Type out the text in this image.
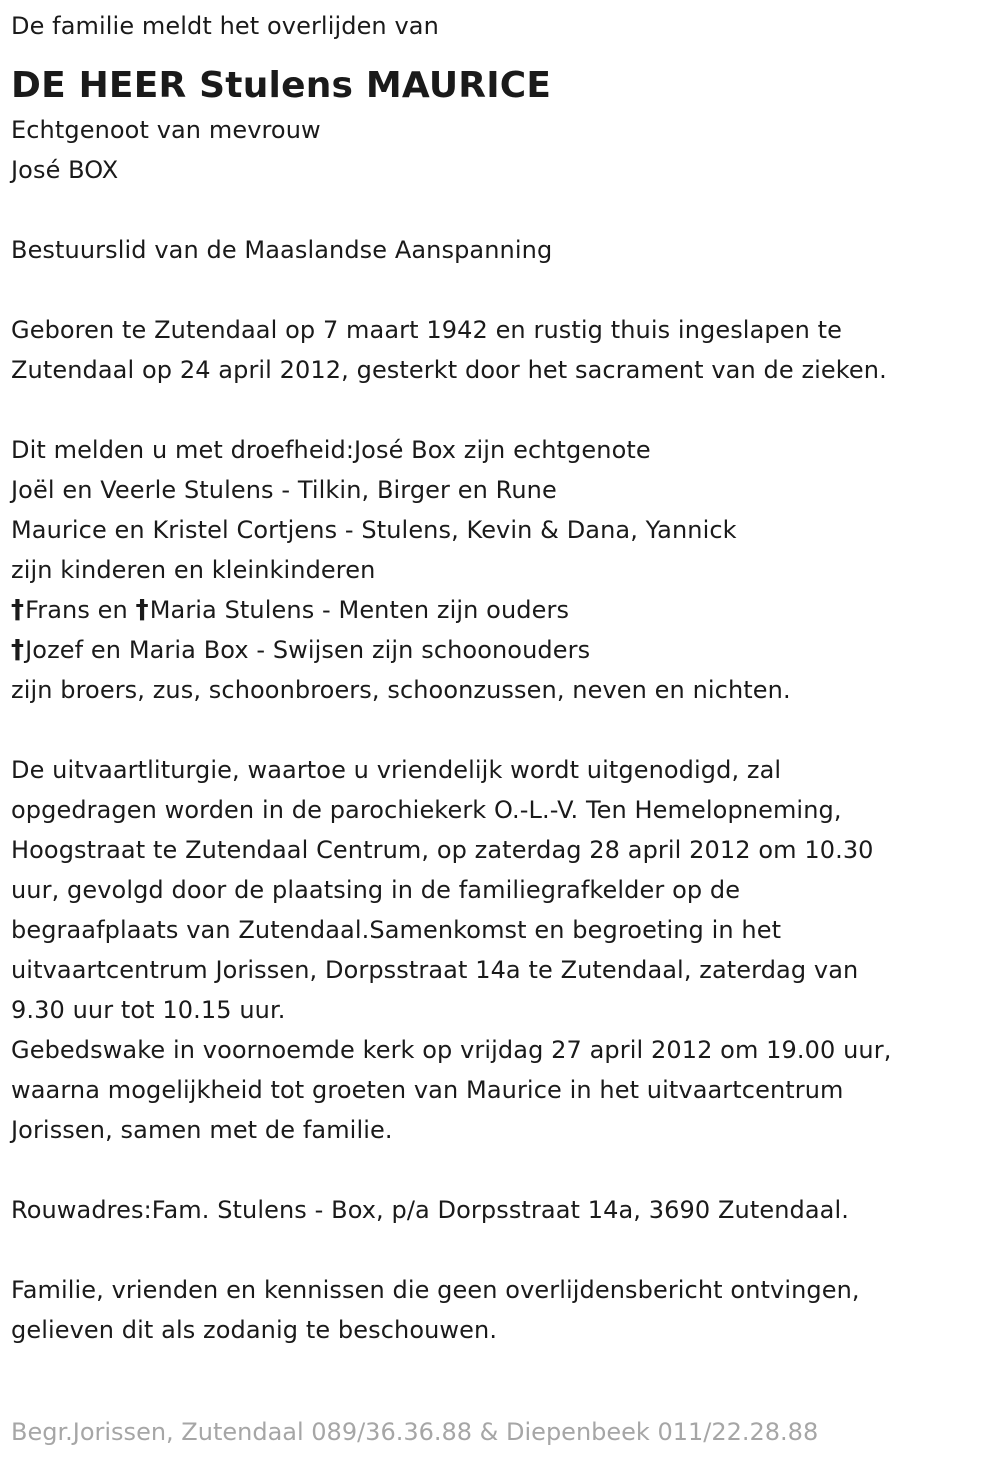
De familie meldt het overlijden van
DE HEER Stulens MAURICE
Echtgenoot van mevrouw
José BOX
Bestuurslid van de Maaslandse Aanspanning
Geboren te Zutendaal op 7 maart 1942 en rustig thuis ingeslapen te
Zutendaal op 24 april 2012, gesterkt door het sacrament van de zieken.
Dit melden u met droefheid:José Box zijn echtgenote
Joël en Veerle Stulens - Tilkin, Birger en Rune
Maurice en Kristel Cortjens - Stulens, Kevin & Dana, Yannick
zijn kinderen en kleinkinderen
†Frans en †Maria Stulens - Menten zijn ouders
†Jozef en Maria Box - Swijsen zijn schoonouders
zijn broers, zus, schoonbroers, schoonzussen, neven en nichten.
De uitvaartliturgie, waartoe u vriendelijk wordt uitgenodigd, zal
opgedragen worden in de parochiekerk O.-L.-V. Ten Hemelopneming,
Hoogstraat te Zutendaal Centrum, op zaterdag 28 april 2012 om 10.30
uur, gevolgd door de plaatsing in de familiegrafkelder op de
begraafplaats van Zutendaal.Samenkomst en begroeting in het
uitvaartcentrum Jorissen, Dorpsstraat 14a te Zutendaal, zaterdag van
9.30 uur tot 10.15 uur.
Gebedswake in voornoemde kerk op vrijdag 27 april 2012 om 19.00 uur,
waarna mogelijkheid tot groeten van Maurice in het uitvaartcentrum
Jorissen, samen met de familie.
Rouwadres:Fam. Stulens - Box, p/a Dorpsstraat 14a, 3690 Zutendaal.
Familie, vrienden en kennissen die geen overlijdensbericht ontvingen,
gelieven dit als zodanig te beschouwen.
Begr.Jorissen, Zutendaal 089/36.36.88 & Diepenbeek 011/22.28.88
